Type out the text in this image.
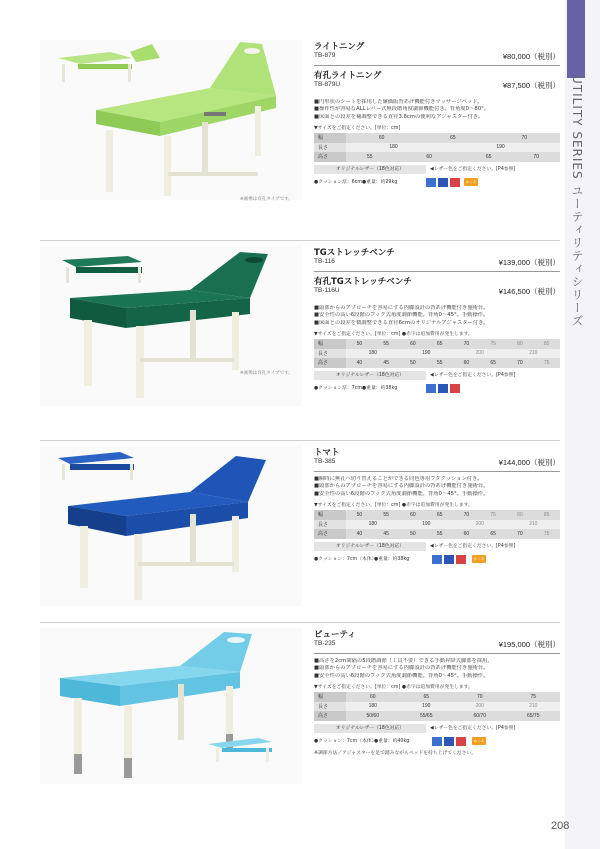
UTILITY SERIES ユーティリティシリーズ
208
※画像は有孔タイプです。
ライトニング
TB-879	¥80,000（税別）
有孔ライトニング
TB-879U	¥87,500（税別）
■円形状のシートを採用した廉価版背あげ機能付きマッサージベッド。
■操作性が容易なALLレバー式無段階角度調節機能付き。背角度0～80°。
■床面との段差を補調整できる直径3.8cmの便利なアジャスター付き。
▼サイズをご指定ください。[単位：cm]
幅	60		65			70	
長さ	180			190			
高さ	55	60			65		70
オリジナルレザー（18色対応）	◀レザー色をご指定ください。[P4参照]
●クッション厚：6cm ●重量：約29kg	かくあき
※画像は有孔タイプです。
TGストレッチベンチ
TB-116	¥139,000（税別）
有孔TGストレッチベンチ
TB-116U	¥146,500（税別）
■頭部からのアプローチを容易にする内脚設計の背あげ機能付き施術台。
■安全性の高い6段階のフック式角度調節機能。背角0～45°。手動操作。
■床面との段差を微調整できる直径6cmのオリジナルアジャスター付き。
▼サイズをご指定ください。[単位：cm] ●赤字は追加費用が発生します。
幅	50	55	60	65	70	75	80	85
長さ	180		190		200		210	
高さ	40	45	50	55	60	65	70	75
オリジナルレザー（18色対応）	◀レザー色をご指定ください。[P4参照]
●クッション厚：7cm ●重量：約38kg
トマト
TB-385	¥144,000（税別）
■瞬時に無孔へ切り替えることができる同色専用フタクッション付き。
■頭部からのアプローチを容易にする内脚設計の背あげ機能付き施術台。
■安全性の高い6段階のフック式角度調節機能。背角0～45°。手動操作。
▼サイズをご指定ください。[単位：cm] ●赤字は追加費用が発生します。
幅	50	55	60	65	70	75	80	85
長さ	180		190		200		210	
高さ	40	45	50	55	60	65	70	75
オリジナルレザー（18色対応）	◀レザー色をご指定ください。[P4参照]
●クッション：7cm（本体）
●重量：約38kg	かくあき
ビューティ
TB-235	¥195,000（税別）
■高さを2cm間隔の5段階調節（工具不要）できる手動昇降式脚部を採用。
■頭部からのアプローチを容易にする内脚設計の背あげ機能付き施術台。
■安全性の高い6段階のフック式角度調節機能。背角0～45°。手動操作。
▼サイズをご指定ください。[単位：cm] ●赤字は追加費用が発生します。
幅	60	65	70	75
長さ	180	190	200	210
高さ	50/60	55/65	60/70	65/75
オリジナルレザー（18色対応）	◀レザー色をご指定ください。[P4参照]
●クッション：7cm（本体）
●重量：約40kg	かくあき
※調節方法／アジャスターを足で踏みながらベッドを持ち上げてください。
